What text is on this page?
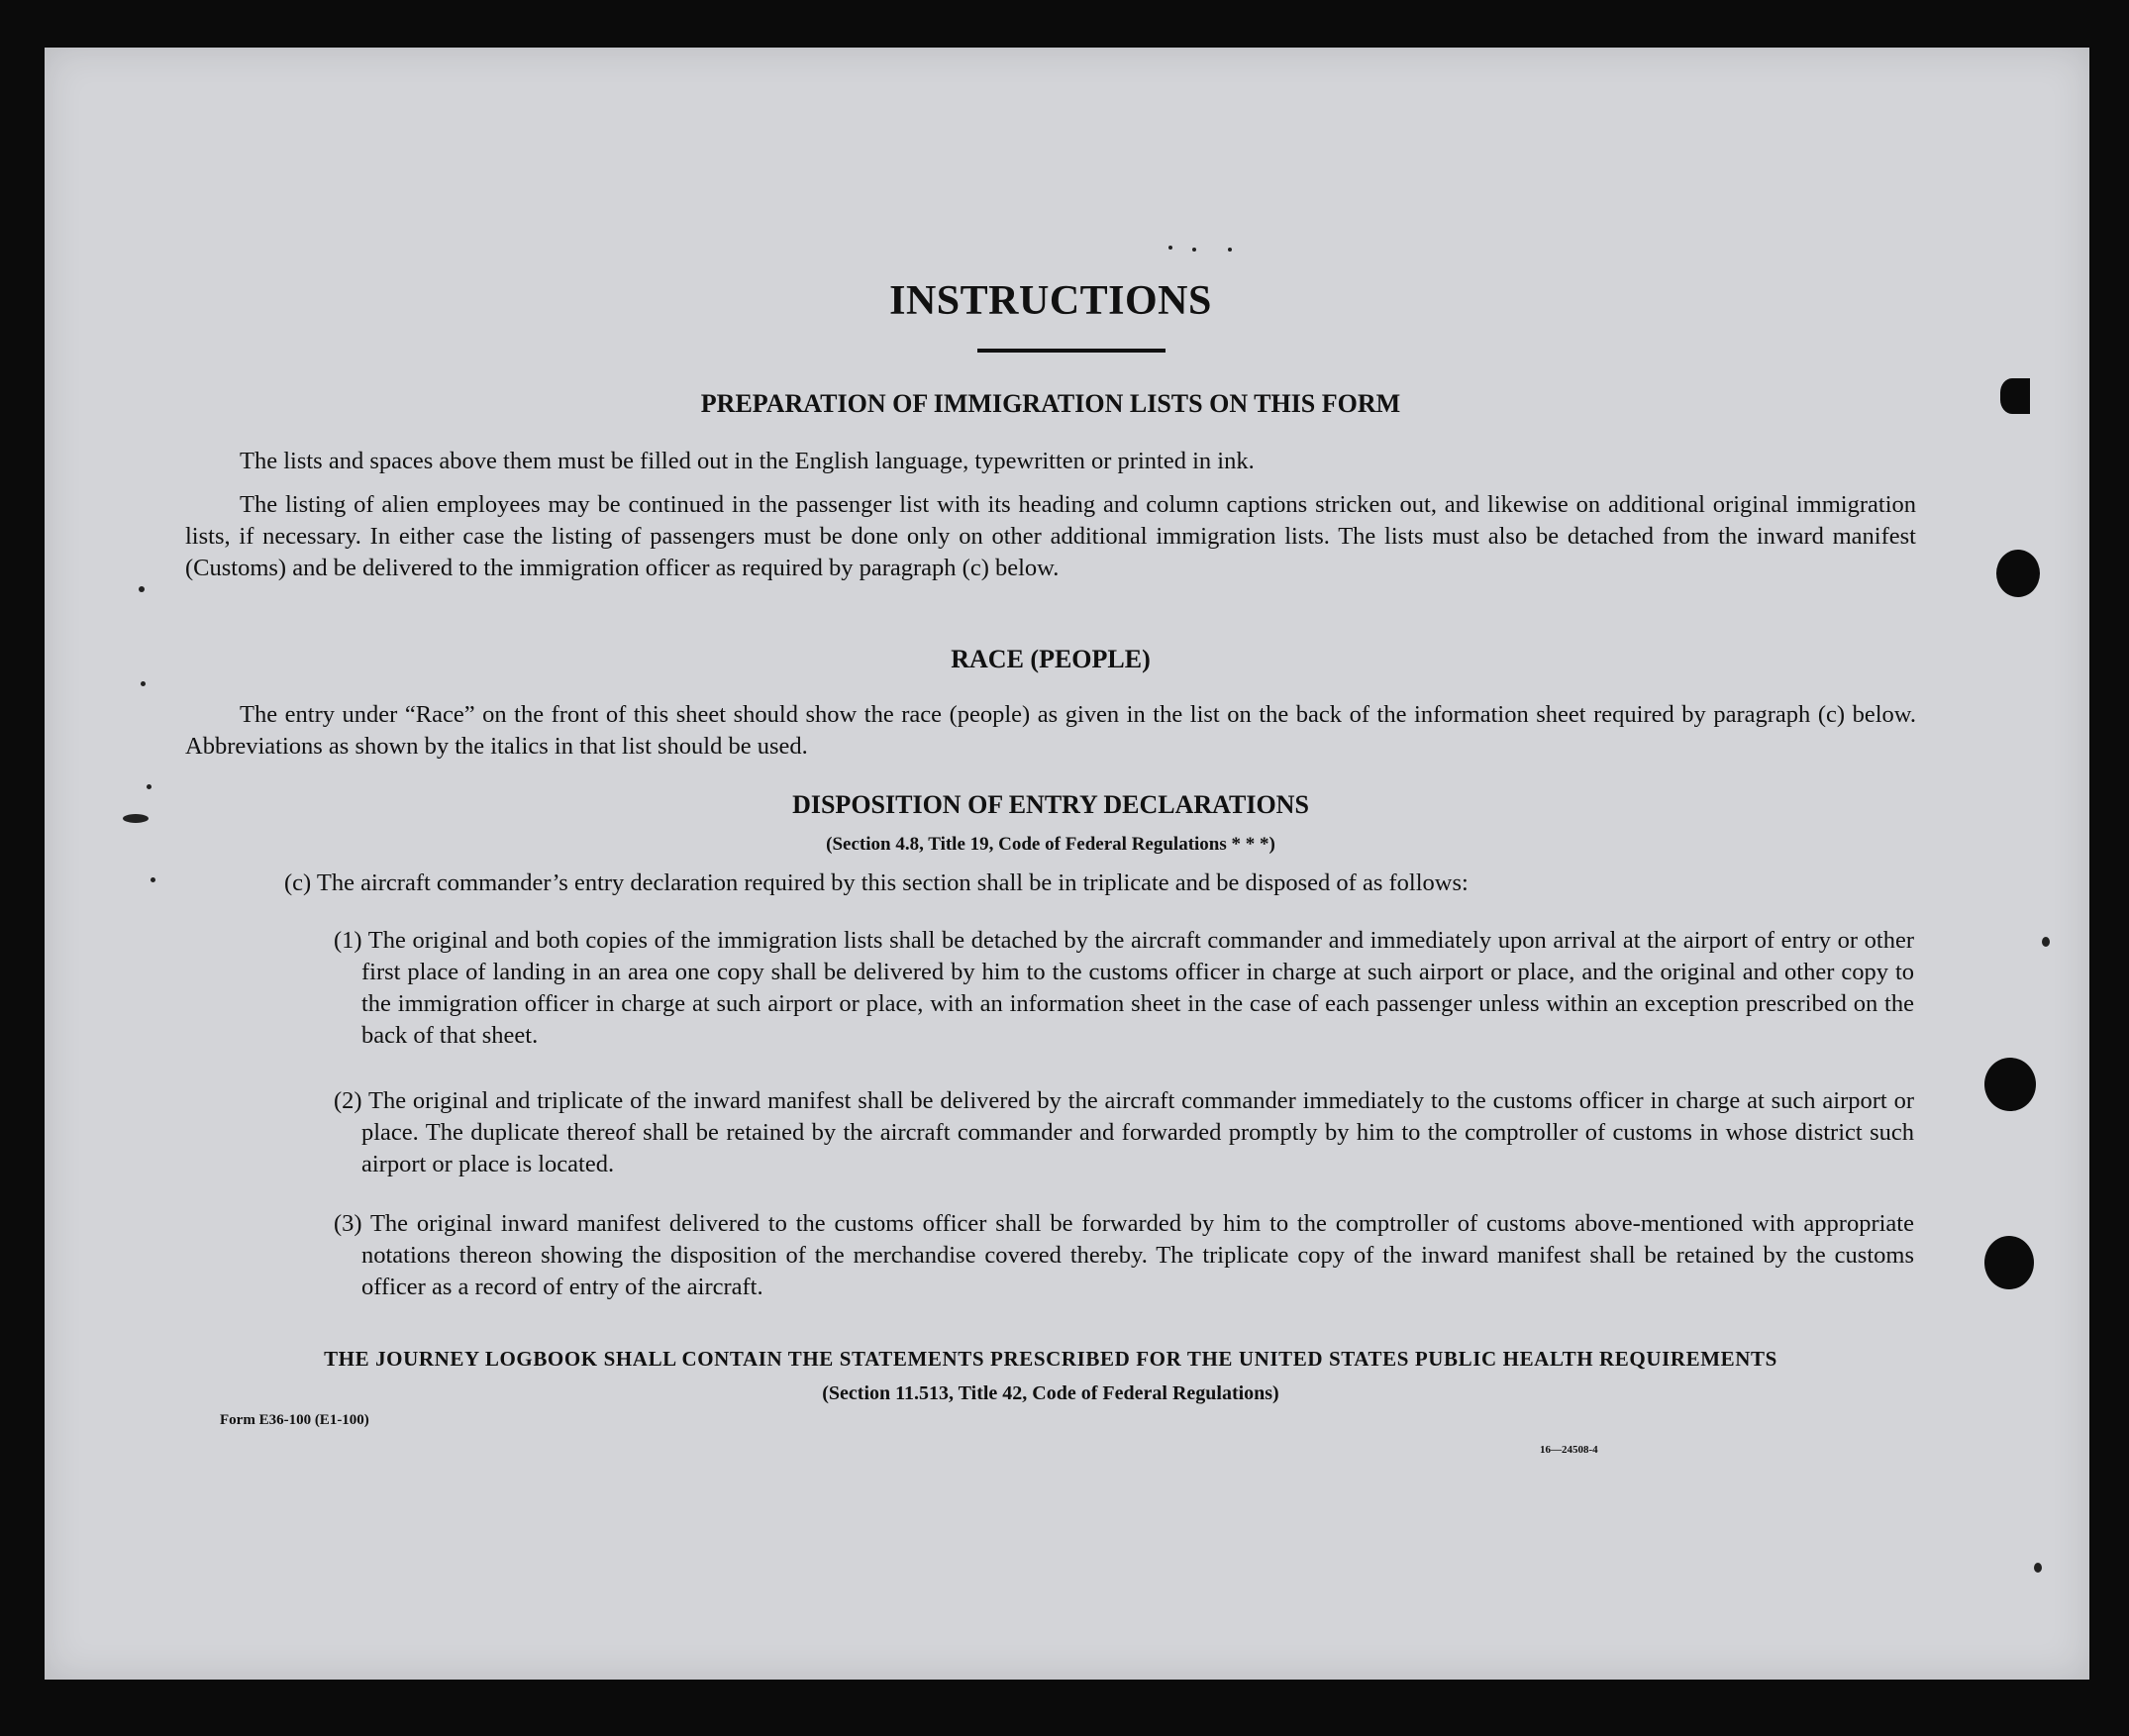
INSTRUCTIONS
PREPARATION OF IMMIGRATION LISTS ON THIS FORM
The lists and spaces above them must be filled out in the English language, typewritten or printed in ink.
The listing of alien employees may be continued in the passenger list with its heading and column captions stricken out, and likewise on additional original immigration lists, if necessary. In either case the listing of passengers must be done only on other additional immigration lists. The lists must also be detached from the inward manifest (Customs) and be delivered to the immigration officer as required by paragraph (c) below.
RACE (PEOPLE)
The entry under “Race” on the front of this sheet should show the race (people) as given in the list on the back of the information sheet required by paragraph (c) below. Abbreviations as shown by the italics in that list should be used.
DISPOSITION OF ENTRY DECLARATIONS
(Section 4.8, Title 19, Code of Federal Regulations * * *)
(c) The aircraft commander’s entry declaration required by this section shall be in triplicate and be disposed of as follows:
(1) The original and both copies of the immigration lists shall be detached by the aircraft commander and immediately upon arrival at the airport of entry or other first place of landing in an area one copy shall be delivered by him to the customs officer in charge at such airport or place, and the original and other copy to the immigration officer in charge at such airport or place, with an information sheet in the case of each passenger unless within an exception prescribed on the back of that sheet.
(2) The original and triplicate of the inward manifest shall be delivered by the aircraft commander immediately to the customs officer in charge at such airport or place. The duplicate thereof shall be retained by the aircraft commander and forwarded promptly by him to the comptroller of customs in whose district such airport or place is located.
(3) The original inward manifest delivered to the customs officer shall be forwarded by him to the comptroller of customs above-mentioned with appropriate notations thereon showing the disposition of the merchandise covered thereby. The triplicate copy of the inward manifest shall be retained by the customs officer as a record of entry of the aircraft.
THE JOURNEY LOGBOOK SHALL CONTAIN THE STATEMENTS PRESCRIBED FOR THE UNITED STATES PUBLIC HEALTH REQUIREMENTS
(Section 11.513, Title 42, Code of Federal Regulations)
Form E36-100 (E1-100)
16—24508-4
